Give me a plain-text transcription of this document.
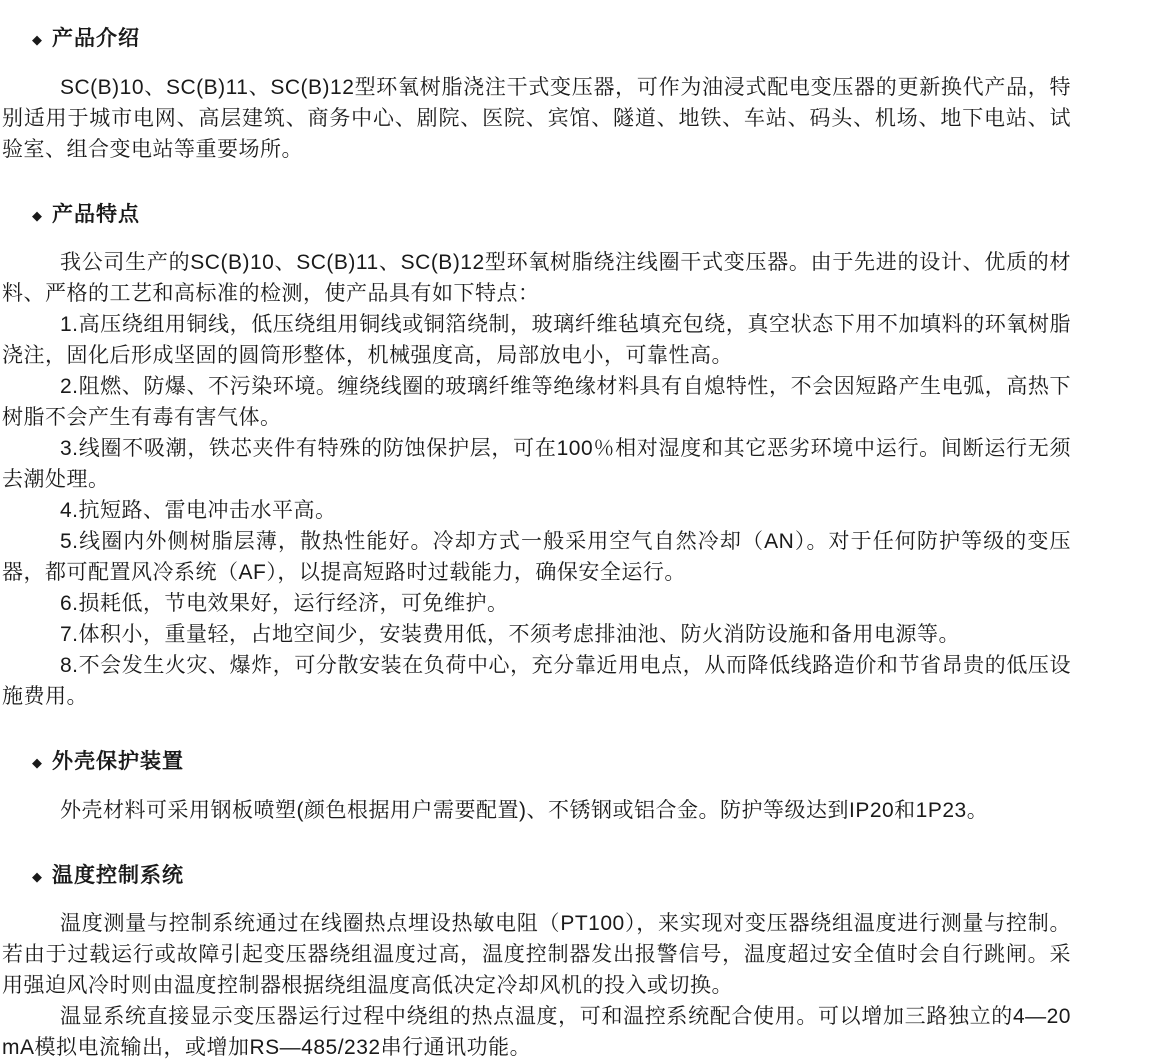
◆ 产品介绍

SC(B)10、SC(B)11、SC(B)12型环氧树脂浇注干式变压器，可作为油浸式配电变压器的更新换代产品，特别适用于城市电网、高层建筑、商务中心、剧院、医院、宾馆、隧道、地铁、车站、码头、机场、地下电站、试验室、组合变电站等重要场所。

◆ 产品特点

我公司生产的SC(B)10、SC(B)11、SC(B)12型环氧树脂绕注线圈干式变压器。由于先进的设计、优质的材料、严格的工艺和高标准的检测，使产品具有如下特点：

1.高压绕组用铜线，低压绕组用铜线或铜箔绕制，玻璃纤维毡填充包绕，真空状态下用不加填料的环氧树脂浇注，固化后形成坚固的圆筒形整体，机械强度高，局部放电小，可靠性高。

2.阻燃、防爆、不污染环境。缠绕线圈的玻璃纤维等绝缘材料具有自熄特性，不会因短路产生电弧，高热下树脂不会产生有毒有害气体。

3.线圈不吸潮，铁芯夹件有特殊的防蚀保护层，可在100％相对湿度和其它恶劣环境中运行。间断运行无须去潮处理。

4.抗短路、雷电冲击水平高。

5.线圈内外侧树脂层薄，散热性能好。冷却方式一般采用空气自然冷却（AN）。对于任何防护等级的变压器，都可配置风冷系统（AF），以提高短路时过载能力，确保安全运行。

6.损耗低，节电效果好，运行经济，可免维护。

7.体积小，重量轻，占地空间少，安装费用低，不须考虑排油池、防火消防设施和备用电源等。

8.不会发生火灾、爆炸，可分散安装在负荷中心，充分靠近用电点，从而降低线路造价和节省昂贵的低压设施费用。

◆ 外壳保护装置

外壳材料可采用钢板喷塑(颜色根据用户需要配置)、不锈钢或铝合金。防护等级达到IP20和1P23。

◆ 温度控制系统

温度测量与控制系统通过在线圈热点埋设热敏电阻（PT100），来实现对变压器绕组温度进行测量与控制。若由于过载运行或故障引起变压器绕组温度过高，温度控制器发出报警信号，温度超过安全值时会自行跳闸。采用强迫风冷时则由温度控制器根据绕组温度高低决定冷却风机的投入或切换。

温显系统直接显示变压器运行过程中绕组的热点温度，可和温控系统配合使用。可以增加三路独立的4—20mA模拟电流输出，或增加RS—485/232串行通讯功能。
